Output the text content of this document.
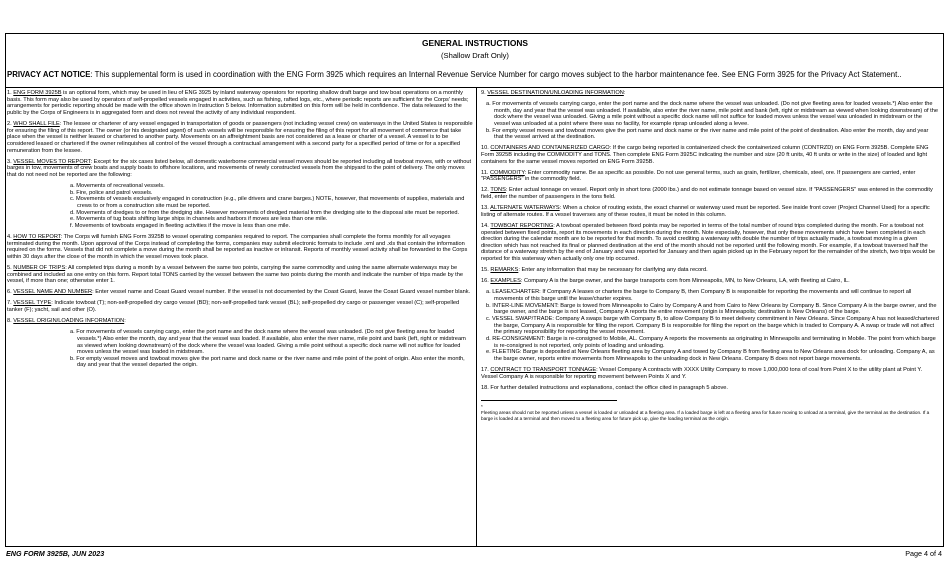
GENERAL INSTRUCTIONS
(Shallow Draft Only)
PRIVACY ACT NOTICE: This supplemental form is used in coordination with the ENG Form 3925 which requires an Internal Revenue Service Number for cargo moves subject to the harbor maintenance fee. See ENG Form 3925 for the Privacy Act Statement..

1. ENG FORM 3925B is an optional form, which may be used in lieu of ENG 3925 by inland waterway operators for reporting shallow draft barge and tow boat operations on a monthly basis. This form may also be used by operators of self-propelled vessels engaged in activities, such as fishing, rafted logs, etc., where periodic reports are sufficient for the Corps' needs; arrangements for periodic reporting should be made with the office shown in Instruction 5 below. Information submitted on this form will be held in confidence. The data released to the public by the Corps of Engineers is in aggregated form and does not reveal the activity of any individual respondent.

2. WHO SHALL FILE: The lessee or charterer of any vessel engaged in transportation of goods or passengers (not including vessel crew) on waterways in the United States is responsible for ensuring the filing of this report. The owner (or his designated agent) of such vessels will be responsible for ensuring the filing of this report for all movement of commerce that take place when the vessel is neither leased or chartered to another party. Movements on an affreightment basis are not considered as a lease or charter of a vessel. A vessel is to be considered leased or chartered if the owner relinquishes all control of the vessel through a contractual arrangement with a second party for a specified period of time or for a specified remuneration from the lessee.

3. VESSEL MOVES TO REPORT: Except for the six cases listed below, all domestic waterborne commercial vessel moves should be reported including all towboat moves, with or without barges in tow, movements of crew boats and supply boats to offshore locations, and movements of newly constructed vessels from the shipyard to the point of delivery. The only moves that do not need not be reported are the following:

a. Movements of recreational vessels.
b. Fire, police and patrol vessels.
c. Movements of vessels exclusively engaged in construction (e.g., pile drivers and crane barges.) NOTE, however, that movements of supplies, materials and crews to or from a construction site must be reported.
d. Movements of dredges to or from the dredging site. However movements of dredged material from the dredging site to the disposal site must be reported.
e. Movements of tug boats shifting large ships in channels and harbors if moves are less than one mile.
f. Movements of towboats engaged in fleeting activities if the move is less than one mile.

4. HOW TO REPORT: The Corps will furnish ENG Form 3925B to vessel operating companies required to report. The companies shall complete the forms monthly for all voyages terminated during the month. Upon approval of the Corps instead of completing the forms, companies may submit electronic formats to include .xml and .xls that contain the information required on the forms. Vessels that did not complete a move during the month shall be reported as inactive or inlransit. Reports of monthly vessel activity shall be forwarded to the Corps within 30 days after the close of the month in which the vessel moves took place.

5. NUMBER OF TRIPS: All completed trips during a month by a vessel between the same two points, carrying the same commodity and using the same alternate waterways may be combined and included as one entry on this form. Report total TONS carried by the vessel between the same two points during the month and indicate the number of trips made by the vessel, if more than one; otherwise enter 1.

6. VESSEL NAME AND NUMBER: Enter vessel name and Coast Guard vessel number. If the vessel is not documented by the Coast Guard, leave the Coast Guard vessel number blank.

7. VESSEL TYPE: Indicate towboat (T); non-self-propelled dry cargo vessel (BD); non-self-propelled tank vessel (BL); self-propelled dry cargo or passenger vessel (C); self-propelled tanker (F); yacht, sail and other (O).

8. VESSEL ORIGIN/LOADING INFORMATION:

a. For movements of vessels carrying cargo, enter the port name and the dock name where the vessel was unloaded. (Do not give fleeting area for loaded vessels.*) Also enter the month, day and year that the vessel was loaded. If available, also enter the river name, mile point and bank (left, right or midstream as viewed when looking downstream) of the dock where the vessel was loaded. Giving a mile point without a specific dock name will not suffice for loaded moves unless the vessel was loaded in midstream.
b. For empty vessel moves and towboat moves give the port name and dock name or the river name and mile point of the point of origin. Also enter the month, day and year that the vessel departed the origin.

9. VESSEL DESTINATION/UNLOADING INFORMATION:

a. For movements of vessels carrying cargo, enter the port name and the dock name where the vessel was unloaded. (Do not give fleeting area for loaded vessels.*) Also enter the month, day and year that the vessel was unloaded. If available, also enter the river name, mile point and bank (left, right or midstream as viewed when looking downstream) of the dock where the vessel was unloaded. Giving a mile point without a specific dock name will not suffice for loaded moves unless the vessel was unloaded in midstream or the vessel was unloaded at a point where there was no facility, for example riprap unloaded along a levee.
b. For empty vessel moves and towboat moves give the port name and dock name or the river name and mile point of the point of destination. Also enter the month, day and year that the vessel arrived at the destination.

10. CONTAINERS AND CONTAINERIZED CARGO: If the cargo being reported is containerized check the containerized column (CONTRZD) on ENG Form 3925B. Complete ENG Form 3925B including the COMMODITY and TONS. Then complete ENG Form 3925C indicating the number and size (20 ft units, 40 ft units or write in the size) of loaded and light containers for the same vessel moves reported on ENG Form 3925B.

11. COMMODITY: Enter commodity name. Be as specific as possible. Do not use general terms, such as grain, fertilizer, chemicals, steel, ore. If passengers are carried, enter "PASSENGERS" in the commodity field.

12. TONS: Enter actual tonnage on vessel. Report only in short tons (2000 lbs.) and do not estimate tonnage based on vessel size. If "PASSENGERS" was entered in the commodity field, enter the number of passengers in the tons field.

13. ALTERNATE WATERWAYS: When a choice of routing exists, the exact channel or waterway used must be reported. See inside front cover (Project Channel Used) for a specific listing of alternate routes. If a vessel traverses any of these routes, it must be noted in this column.

14. TOWBOAT REPORTING: A towboat operated between fixed points may be reported in terms of the total number of round trips completed during the month. For a towboat not operated between fixed points, report its movements in each direction during the month. Note especially, however, that only these movements which have been completed in each direction during the calendar month are to be reported for that month. To avoid crediting a waterway with double the number of trips actually made, a towboat moving in a given direction which has not reached its final or planned destination at the end of the month should not be reported until the following month. For example, if a towboat traversed half the distance of a waterway stretch by the end of January and was reported for January and then again picked up in the February report for the remainder of the stretch, two trips would be reported for this waterway when actually only one trip occurred.

15. REMARKS: Enter any information that may be necessary for clarifying any data record.

16. EXAMPLES: Company A is the barge owner, and the barge transports corn from Minneapolis, MN, to New Orleans, LA, with fleeting at Cairo, IL.

a. LEASE/CHARTER: If Company A leases or charters the barge to Company B, then Company B is responsible for reporting the movements and will continue to report all movements of this barge until the lease/charter expires.
b. INTER-LINE MOVEMENT: Barge is towed from Minneapolis to Cairo by Company A and from Cairo to New Orleans by Company B. Since Company A is the barge owner, and the barge owner, and the barge is not leased, Company A reports the entire movement (origin is Minneapolis; destination is New Orleans) of the barge.
c. VESSEL SWAP/TRADE: Company A swaps barge with Company B, to allow Company B to meet delivery commitment in New Orleans. Since Company A has not leased/chartered the barge, Company A is responsible for filing the report. Company B is responsible for filing the report on the barge which is traded to Company A. A swap or trade will not affect the primary responsibility for reporting the vessel movement.
d. RE-CONSIGNMENT: Barge is re-consigned to Mobile, AL. Company A reports the movements as originating in Minneapolis and terminating in Mobile. The point from which barge is re-consigned is not reported, only points of loading and unloading.
e. FLEETING: Barge is deposited at New Orleans fleeting area by Company A and towed by Company B from fleeting area to New Orleans area dock for unloading. Company A, as the barge owner, reports entire movements from Minneapolis to the unloading dock in New Orleans. Company B does not report barge movements.

17. CONTRACT TO TRANSPORT TONNAGE: Vessel Company A contracts with XXXX Utility Company to move 1,000,000 tons of coal from Point X to the utility plant at Point Y. Vessel Company A is responsible for reporting movement between Points X and Y.

18. For further detailed instructions and explanations, contact the office cited in paragraph 5 above.

*
Fleeting areas should not be reported unless a vessel is loaded or unloaded at a fleeting area. If a loaded barge is left at a fleeting area for future moving to unload at a terminal, give the terminal as the destination. If a barge is loaded at a terminal and then moved to a fleeting area for future pick up, give the loading terminal as the origin.
ENG FORM 3925B, JUN 2023	Page 4 of 4
